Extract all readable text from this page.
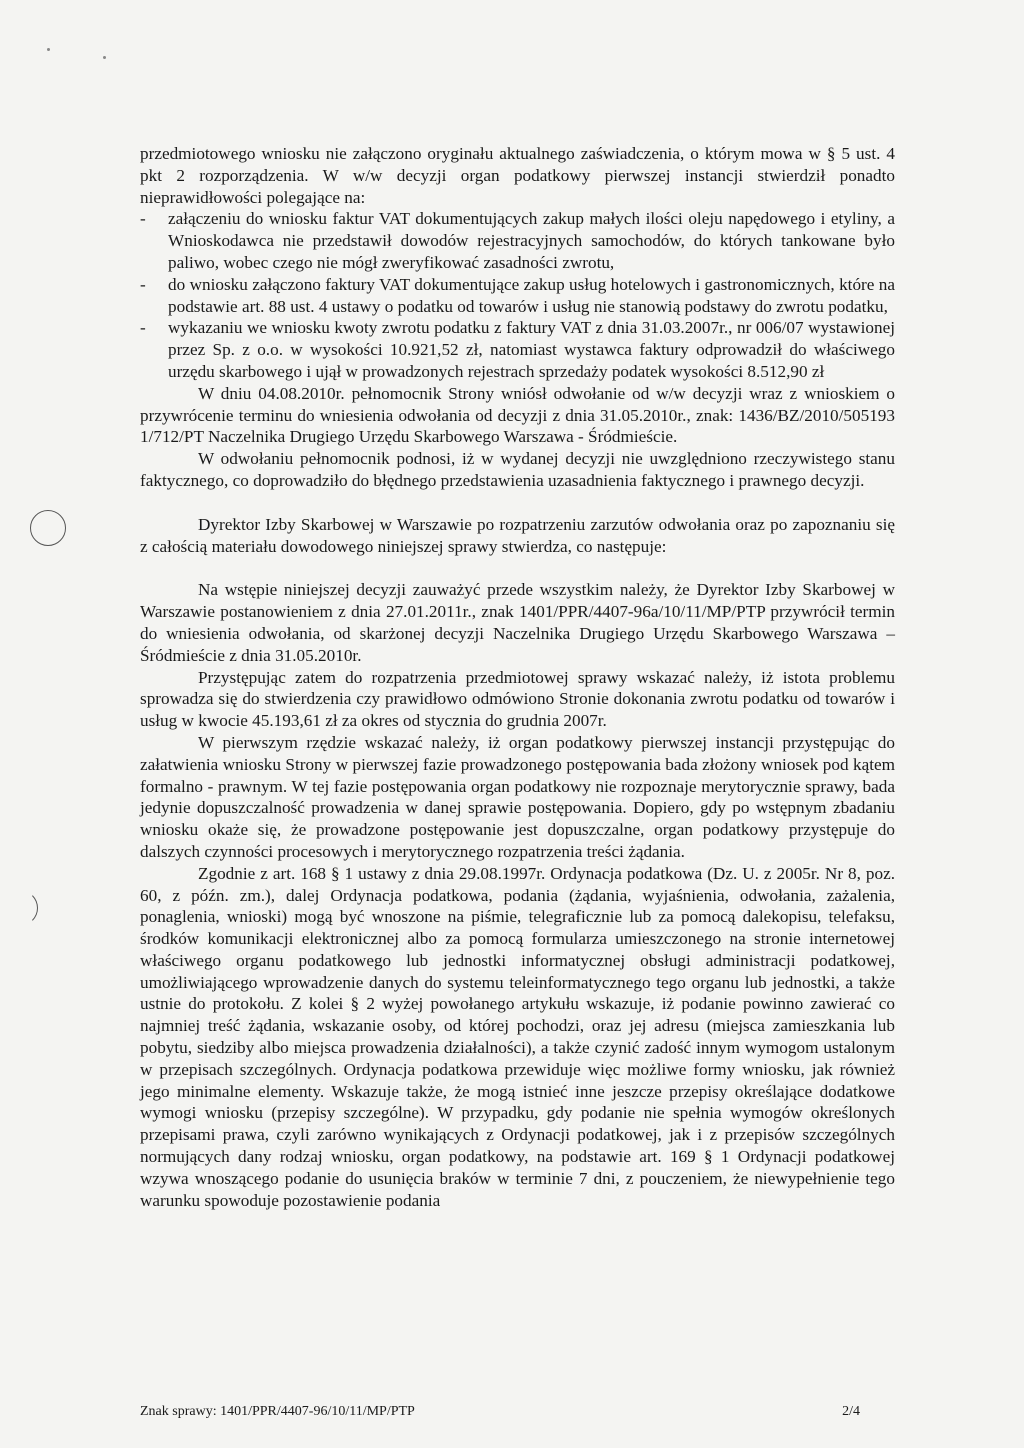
przedmiotowego wniosku nie załączono oryginału aktualnego zaświadczenia, o którym mowa w § 5 ust. 4 pkt 2 rozporządzenia. W w/w decyzji organ podatkowy pierwszej instancji stwierdził ponadto nieprawidłowości polegające na:

- załączeniu do wniosku faktur VAT dokumentujących zakup małych ilości oleju napędowego i etyliny, a Wnioskodawca nie przedstawił dowodów rejestracyjnych samochodów, do których tankowane było paliwo, wobec czego nie mógł zweryfikować zasadności zwrotu,
- do wniosku załączono faktury VAT dokumentujące zakup usług hotelowych i gastronomicznych, które na podstawie art. 88 ust. 4 ustawy o podatku od towarów i usług nie stanowią podstawy do zwrotu podatku,
- wykazaniu we wniosku kwoty zwrotu podatku z faktury VAT z dnia 31.03.2007r., nr 006/07 wystawionej przez Sp. z o.o. w wysokości 10.921,52 zł, natomiast wystawca faktury odprowadził do właściwego urzędu skarbowego i ujął w prowadzonych rejestrach sprzedaży podatek wysokości 8.512,90 zł

W dniu 04.08.2010r. pełnomocnik Strony wniósł odwołanie od w/w decyzji wraz z wnioskiem o przywrócenie terminu do wniesienia odwołania od decyzji z dnia 31.05.2010r., znak: 1436/BZ/2010/505193 1/712/PT Naczelnika Drugiego Urzędu Skarbowego Warszawa - Śródmieście.

W odwołaniu pełnomocnik podnosi, iż w wydanej decyzji nie uwzględniono rzeczywistego stanu faktycznego, co doprowadziło do błędnego przedstawienia uzasadnienia faktycznego i prawnego decyzji.

Dyrektor Izby Skarbowej w Warszawie po rozpatrzeniu zarzutów odwołania oraz po zapoznaniu się z całością materiału dowodowego niniejszej sprawy stwierdza, co następuje:

Na wstępie niniejszej decyzji zauważyć przede wszystkim należy, że Dyrektor Izby Skarbowej w Warszawie postanowieniem z dnia 27.01.2011r., znak 1401/PPR/4407-96a/10/11/MP/PTP przywrócił termin do wniesienia odwołania, od skarżonej decyzji Naczelnika Drugiego Urzędu Skarbowego Warszawa – Śródmieście z dnia 31.05.2010r.

Przystępując zatem do rozpatrzenia przedmiotowej sprawy wskazać należy, iż istota problemu sprowadza się do stwierdzenia czy prawidłowo odmówiono Stronie dokonania zwrotu podatku od towarów i usług w kwocie 45.193,61 zł za okres od stycznia do grudnia 2007r.

W pierwszym rzędzie wskazać należy, iż organ podatkowy pierwszej instancji przystępując do załatwienia wniosku Strony w pierwszej fazie prowadzonego postępowania bada złożony wniosek pod kątem formalno - prawnym. W tej fazie postępowania organ podatkowy nie rozpoznaje merytorycznie sprawy, bada jedynie dopuszczalność prowadzenia w danej sprawie postępowania. Dopiero, gdy po wstępnym zbadaniu wniosku okaże się, że prowadzone postępowanie jest dopuszczalne, organ podatkowy przystępuje do dalszych czynności procesowych i merytorycznego rozpatrzenia treści żądania.

Zgodnie z art. 168 § 1 ustawy z dnia 29.08.1997r. Ordynacja podatkowa (Dz. U. z 2005r. Nr 8, poz. 60, z późn. zm.), dalej Ordynacja podatkowa, podania (żądania, wyjaśnienia, odwołania, zażalenia, ponaglenia, wnioski) mogą być wnoszone na piśmie, telegraficznie lub za pomocą dalekopisu, telefaksu, środków komunikacji elektronicznej albo za pomocą formularza umieszczonego na stronie internetowej właściwego organu podatkowego lub jednostki informatycznej obsługi administracji podatkowej, umożliwiającego wprowadzenie danych do systemu teleinformatycznego tego organu lub jednostki, a także ustnie do protokołu. Z kolei § 2 wyżej powołanego artykułu wskazuje, iż podanie powinno zawierać co najmniej treść żądania, wskazanie osoby, od której pochodzi, oraz jej adresu (miejsca zamieszkania lub pobytu, siedziby albo miejsca prowadzenia działalności), a także czynić zadość innym wymogom ustalonym w przepisach szczególnych. Ordynacja podatkowa przewiduje więc możliwe formy wniosku, jak również jego minimalne elementy. Wskazuje także, że mogą istnieć inne jeszcze przepisy określające dodatkowe wymogi wniosku (przepisy szczególne). W przypadku, gdy podanie nie spełnia wymogów określonych przepisami prawa, czyli zarówno wynikających z Ordynacji podatkowej, jak i z przepisów szczególnych normujących dany rodzaj wniosku, organ podatkowy, na podstawie art. 169 § 1 Ordynacji podatkowej wzywa wnoszącego podanie do usunięcia braków w terminie 7 dni, z pouczeniem, że niewypełnienie tego warunku spowoduje pozostawienie podania

Znak sprawy: 1401/PPR/4407-96/10/11/MP/PTP	2/4
